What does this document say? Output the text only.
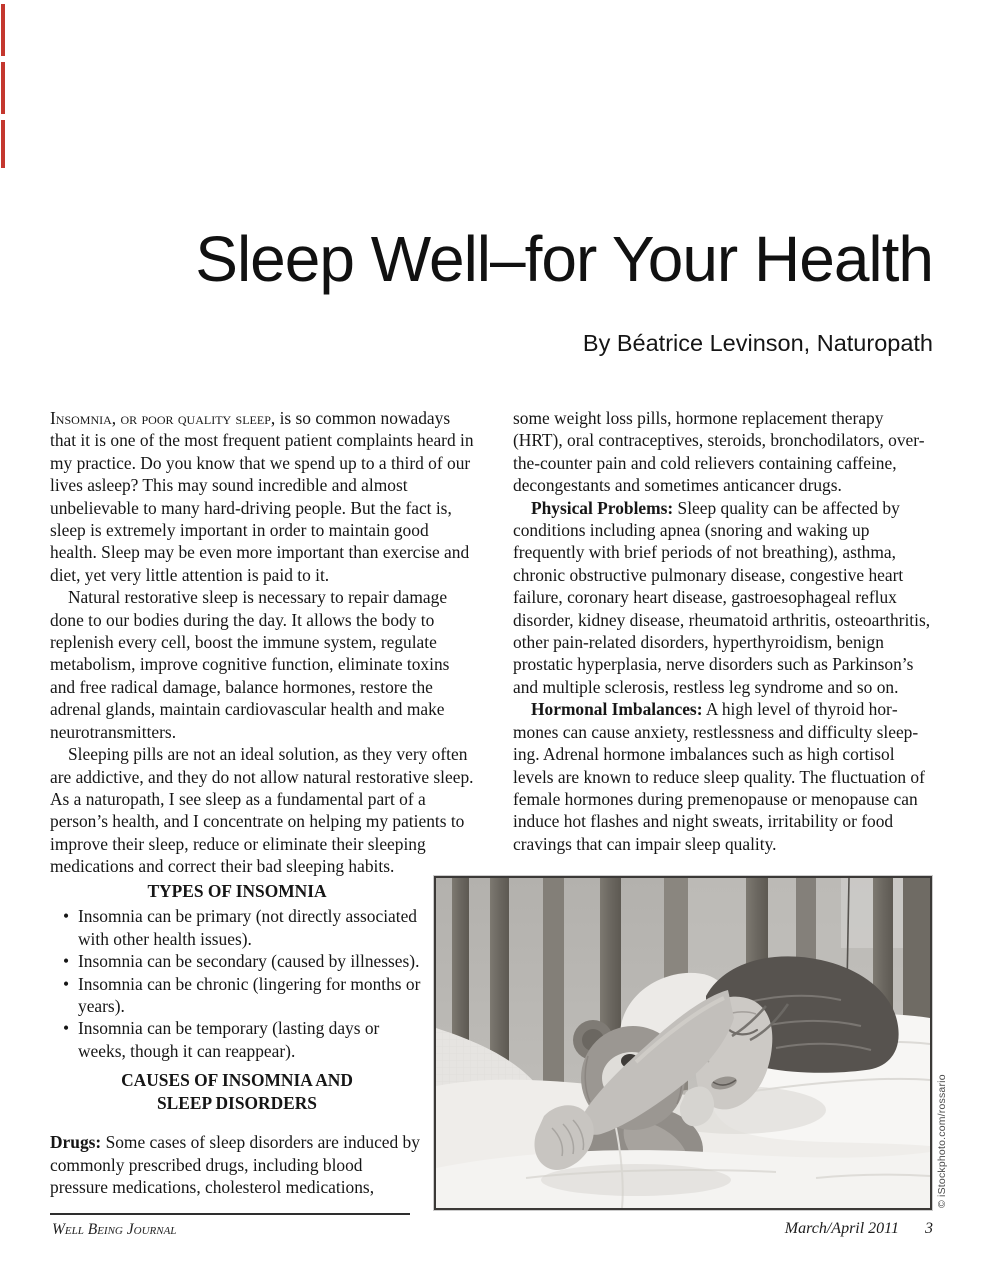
Sleep Well–for Your Health
By Béatrice Levinson, Naturopath

Insomnia, or poor quality sleep, is so common nowadays that it is one of the most frequent patient complaints heard in my practice. Do you know that we spend up to a third of our lives asleep? This may sound incredible and almost unbelievable to many hard-driving people. But the fact is, sleep is extremely important in order to maintain good health. Sleep may be even more important than exercise and diet, yet very little attention is paid to it.

Natural restorative sleep is necessary to repair damage done to our bodies during the day. It allows the body to replenish every cell, boost the immune system, regulate metabolism, improve cognitive function, eliminate toxins and free radical damage, balance hormones, restore the adrenal glands, maintain cardiovascular health and make neurotransmitters.

Sleeping pills are not an ideal solution, as they very often are addictive, and they do not allow natural restorative sleep. As a naturopath, I see sleep as a fundamental part of a person’s health, and I concentrate on helping my patients to improve their sleep, reduce or eliminate their sleeping medications and correct their bad sleeping habits.

some weight loss pills, hormone replacement therapy (HRT), oral contraceptives, steroids, bronchodilators, over-the-counter pain and cold relievers containing caffeine, decongestants and sometimes anticancer drugs.

Physical Problems: Sleep quality can be affected by conditions including apnea (snoring and waking up frequently with brief periods of not breathing), asthma, chronic obstructive pulmonary disease, congestive heart failure, coronary heart disease, gastroesophageal reflux disorder, kidney disease, rheumatoid arthritis, osteoarthritis, other pain-related disorders, hyperthyroidism, benign prostatic hyperplasia, nerve disorders such as Parkinson’s and multiple sclerosis, restless leg syndrome and so on.

Hormonal Imbalances: A high level of thyroid hormones can cause anxiety, restlessness and difficulty sleeping. Adrenal hormone imbalances such as high cortisol levels are known to reduce sleep quality. The fluctuation of female hormones during premenopause or menopause can induce hot flashes and night sweats, irritability or food cravings that can impair sleep quality.

TYPES OF INSOMNIA
• Insomnia can be primary (not directly associated with other health issues).
• Insomnia can be secondary (caused by illnesses).
• Insomnia can be chronic (lingering for months or years).
• Insomnia can be temporary (lasting days or weeks, though it can reappear).
CAUSES OF INSOMNIA AND
SLEEP DISORDERS

Drugs: Some cases of sleep disorders are induced by commonly prescribed drugs, including blood pressure medications, cholesterol medications,	© iStockphoto.com/rossario
Well Being Journal	March/April 2011 3
